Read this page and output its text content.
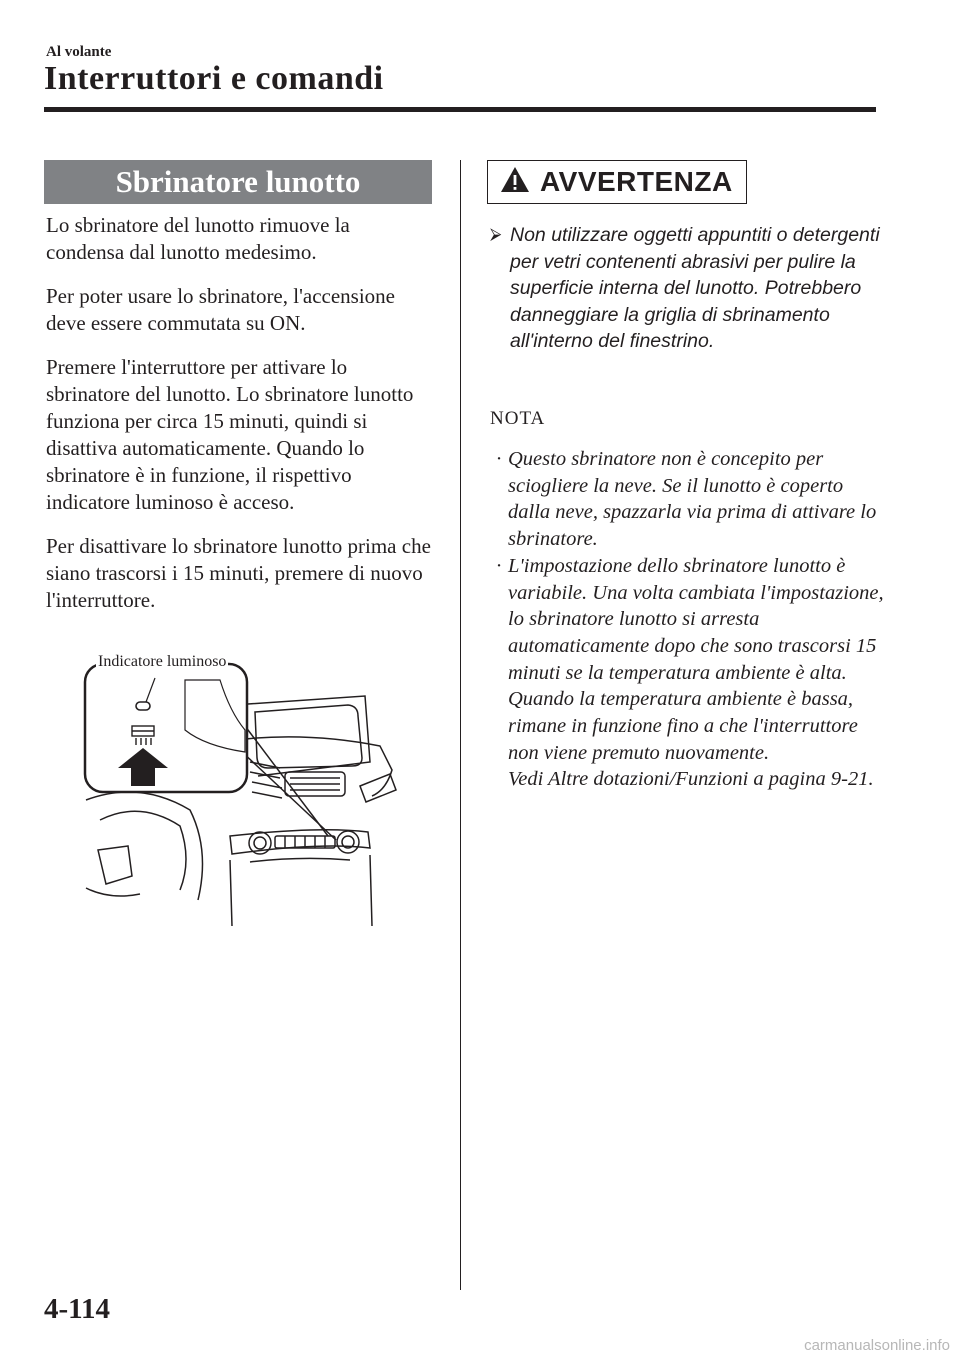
Al volante
Interruttori e comandi
Sbrinatore lunotto

Lo sbrinatore del lunotto rimuove la condensa dal lunotto medesimo.

Per poter usare lo sbrinatore, l'accensione deve essere commutata su ON.

Premere l'interruttore per attivare lo sbrinatore del lunotto. Lo sbrinatore lunotto funziona per circa 15 minuti, quindi si disattiva automaticamente. Quando lo sbrinatore è in funzione, il rispettivo indicatore luminoso è acceso.

Per disattivare lo sbrinatore lunotto prima che siano trascorsi i 15 minuti, premere di nuovo l'interruttore.

Indicatore luminoso
AVVERTENZA
⮚ Non utilizzare oggetti appuntiti o detergenti per vetri contenenti abrasivi per pulire la superficie interna del lunotto. Potrebbero danneggiare la griglia di sbrinamento all'interno del finestrino.
NOTA
· Questo sbrinatore non è concepito per sciogliere la neve. Se il lunotto è coperto dalla neve, spazzarla via prima di attivare lo sbrinatore.
· L'impostazione dello sbrinatore lunotto è variabile. Una volta cambiata l'impostazione, lo sbrinatore lunotto si arresta automaticamente dopo che sono trascorsi 15 minuti se la temperatura ambiente è alta. Quando la temperatura ambiente è bassa, rimane in funzione fino a che l'interruttore non viene premuto nuovamente.
Vedi Altre dotazioni/Funzioni a pagina 9-21.
4-114
carmanualsonline.info
